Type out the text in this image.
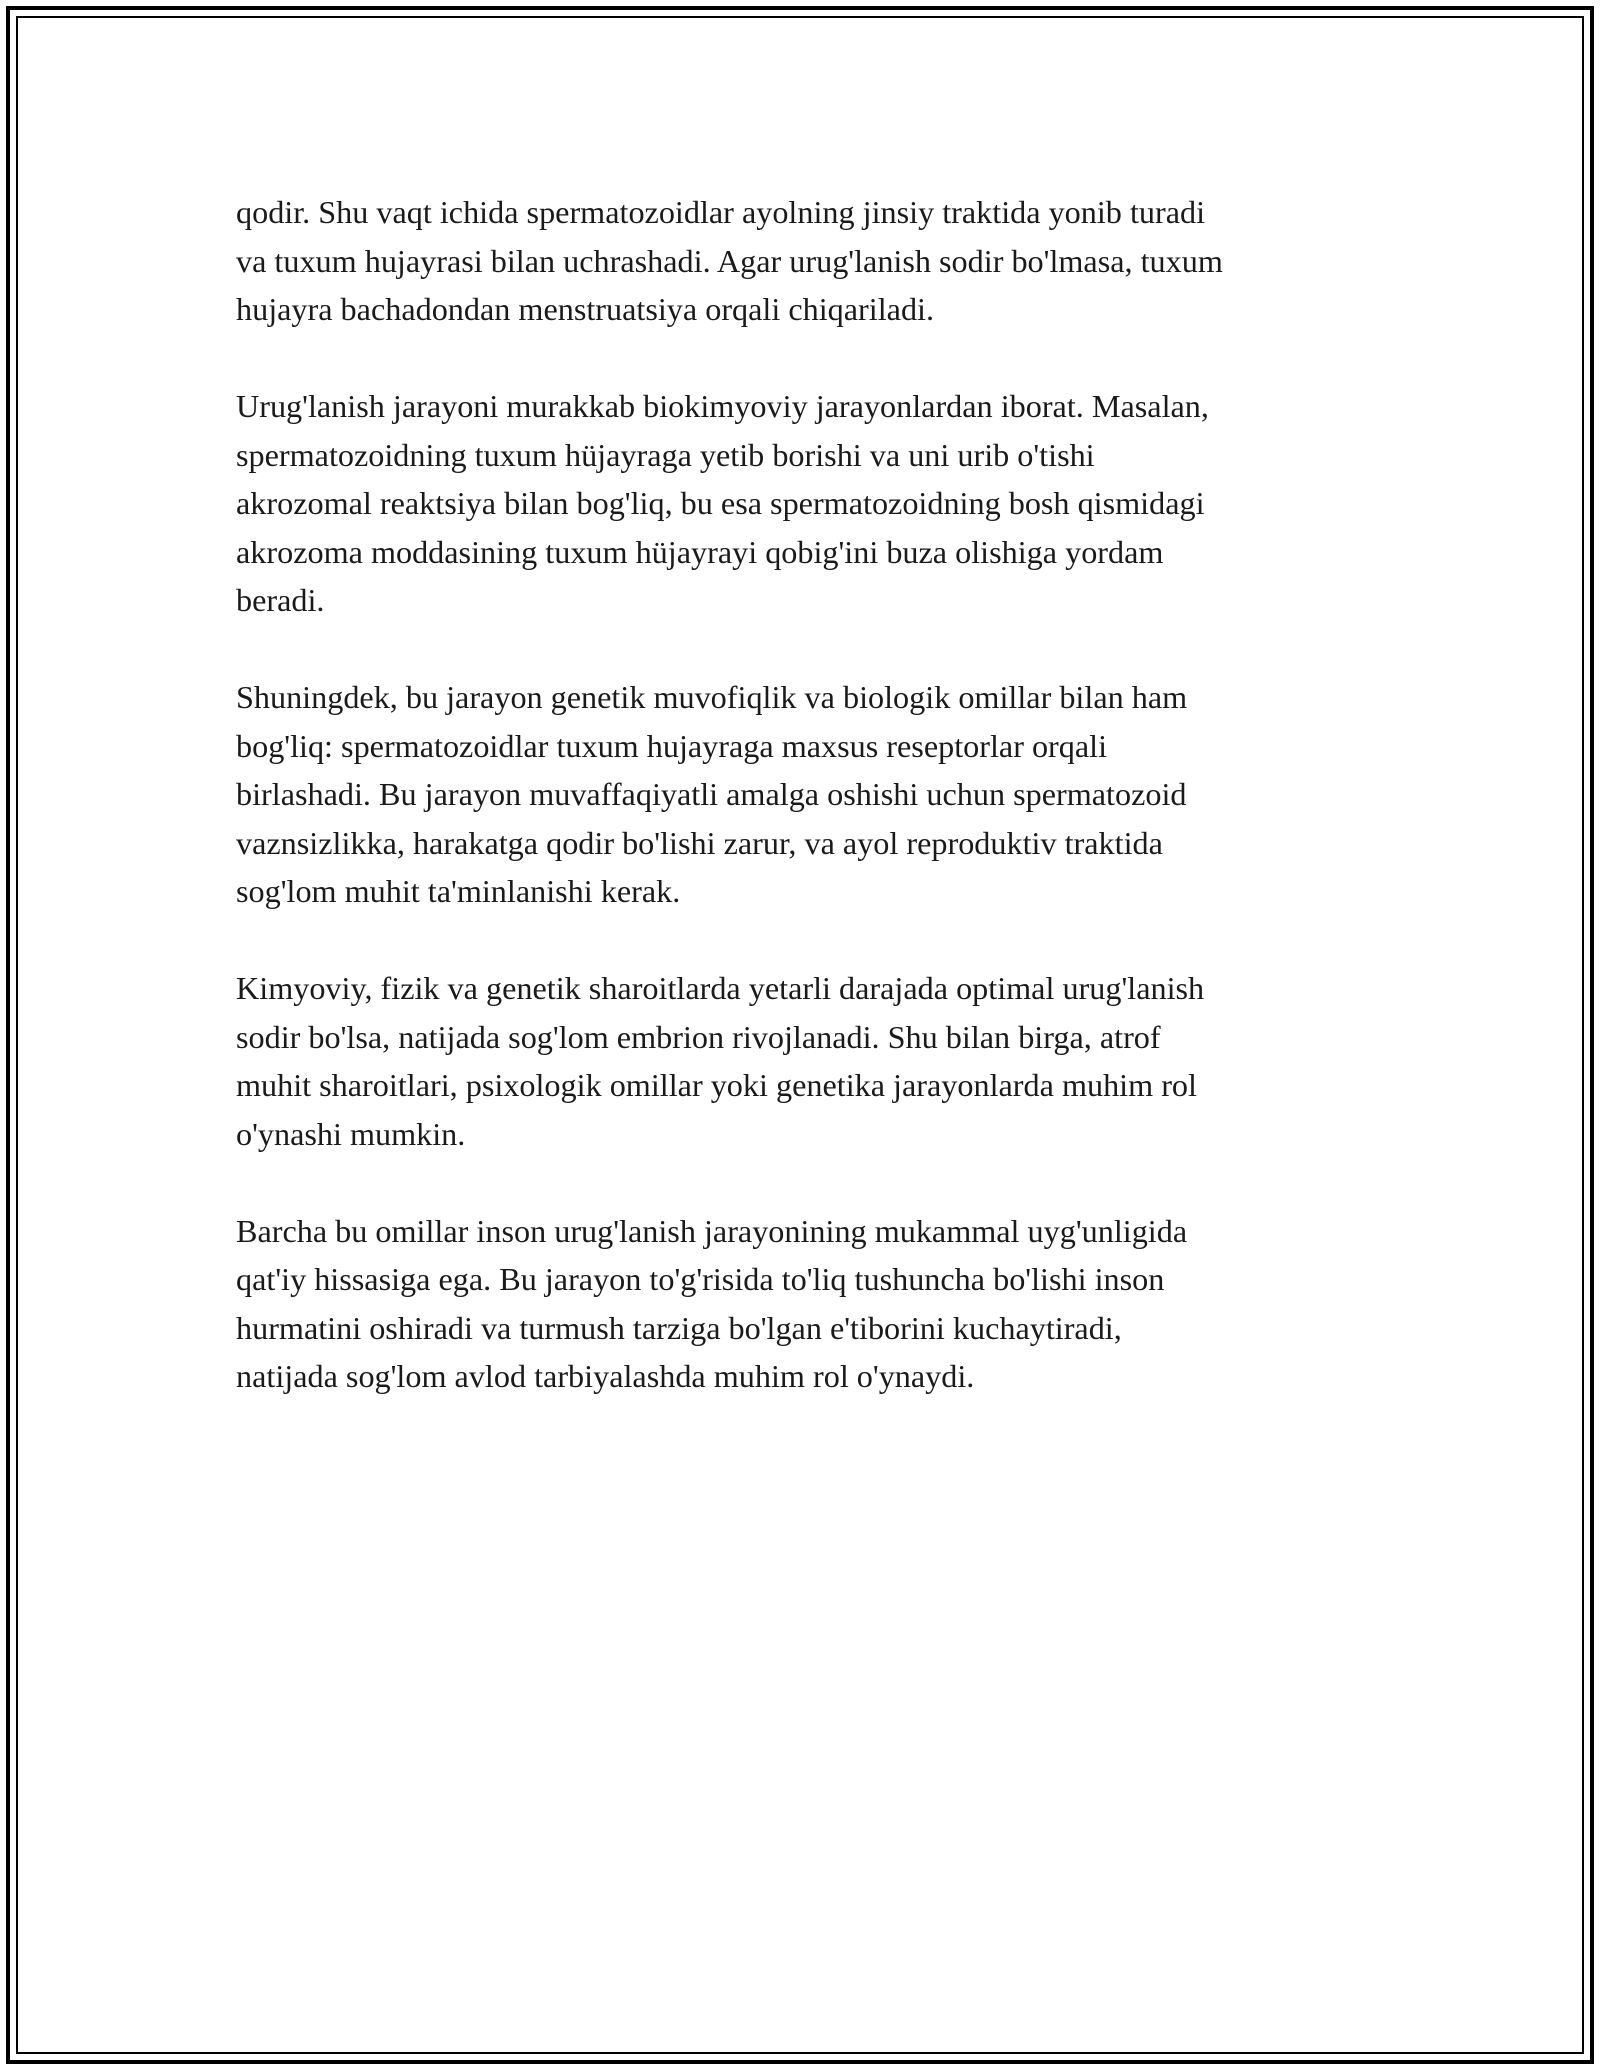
qodir. Shu vaqt ichida spermatozoidlar ayolning jinsiy traktida yonib turadi
va tuxum hujayrasi bilan uchrashadi. Agar urug'lanish sodir bo'lmasa, tuxum
hujayra bachadondan menstruatsiya orqali chiqariladi.

Urug'lanish jarayoni murakkab biokimyoviy jarayonlardan iborat. Masalan,
spermatozoidning tuxum hüjayraga yetib borishi va uni urib o'tishi
akrozomal reaktsiya bilan bog'liq, bu esa spermatozoidning bosh qismidagi
akrozoma moddasining tuxum hüjayrayi qobig'ini buza olishiga yordam
beradi.

Shuningdek, bu jarayon genetik muvofiqlik va biologik omillar bilan ham
bog'liq: spermatozoidlar tuxum hujayraga maxsus reseptorlar orqali
birlashadi. Bu jarayon muvaffaqiyatli amalga oshishi uchun spermatozoid
vaznsizlikka, harakatga qodir bo'lishi zarur, va ayol reproduktiv traktida
sog'lom muhit ta'minlanishi kerak.

Kimyoviy, fizik va genetik sharoitlarda yetarli darajada optimal urug'lanish
sodir bo'lsa, natijada sog'lom embrion rivojlanadi. Shu bilan birga, atrof
muhit sharoitlari, psixologik omillar yoki genetika jarayonlarda muhim rol
o'ynashi mumkin.

Barcha bu omillar inson urug'lanish jarayonining mukammal uyg'unligida
qat'iy hissasiga ega. Bu jarayon to'g'risida to'liq tushuncha bo'lishi inson
hurmatini oshiradi va turmush tarziga bo'lgan e'tiborini kuchaytiradi,
natijada sog'lom avlod tarbiyalashda muhim rol o'ynaydi.
